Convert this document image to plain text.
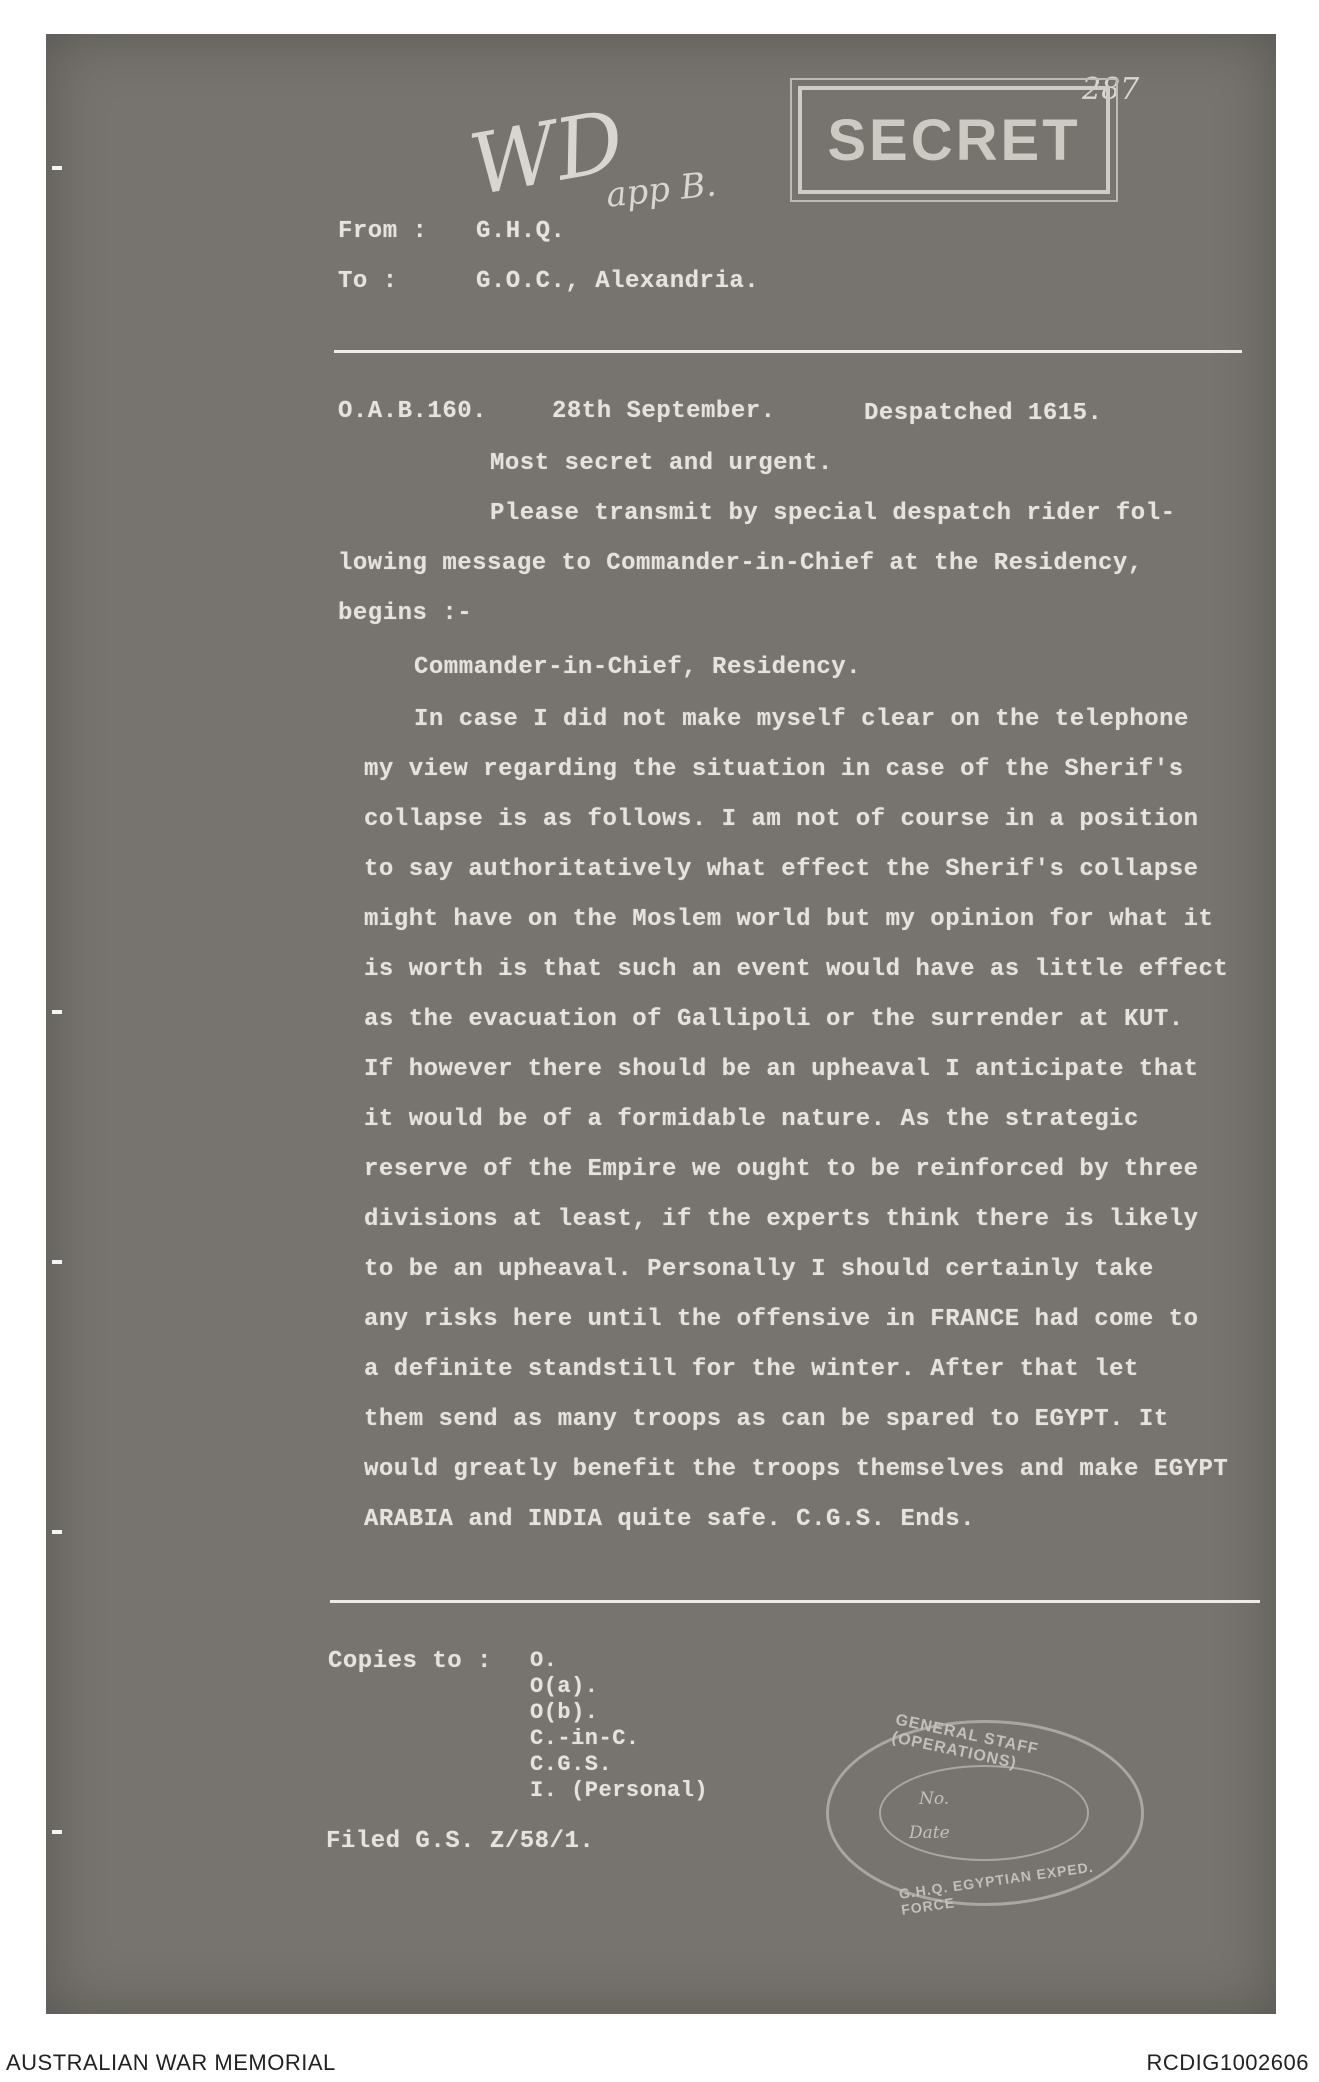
287
WD
app B.
SECRET
From : G.H.Q.
To :	G.O.C., Alexandria.
O.A.B.160.	28th September.	Despatched 1615.
Most secret and urgent.
Please transmit by special despatch rider fol-
lowing message to Commander-in-Chief at the Residency,
begins :-
Commander-in-Chief, Residency.
In case I did not make myself clear on the telephone
my view regarding the situation in case of the Sherif's
collapse is as follows. I am not of course in a position
to say authoritatively what effect the Sherif's collapse
might have on the Moslem world but my opinion for what it
is worth is that such an event would have as little effect
as the evacuation of Gallipoli or the surrender at KUT.
If however there should be an upheaval I anticipate that
it would be of a formidable nature. As the strategic
reserve of the Empire we ought to be reinforced by three
divisions at least, if the experts think there is likely
to be an upheaval. Personally I should certainly take
any risks here until the offensive in FRANCE had come to
a definite standstill for the winter. After that let
them send as many troops as can be spared to EGYPT. It
would greatly benefit the troops themselves and make EGYPT
ARABIA and INDIA quite safe. C.G.S. Ends.
Copies to : O.
O(a).
O(b).
C.-in-C.
C.G.S.
I. (Personal)
Filed G.S. Z/58/1.
GENERAL STAFF (OPERATIONS)
No.
Date
G.H.Q. EGYPTIAN EXPED. FORCE
AUSTRALIAN WAR MEMORIAL	RCDIG1002606
